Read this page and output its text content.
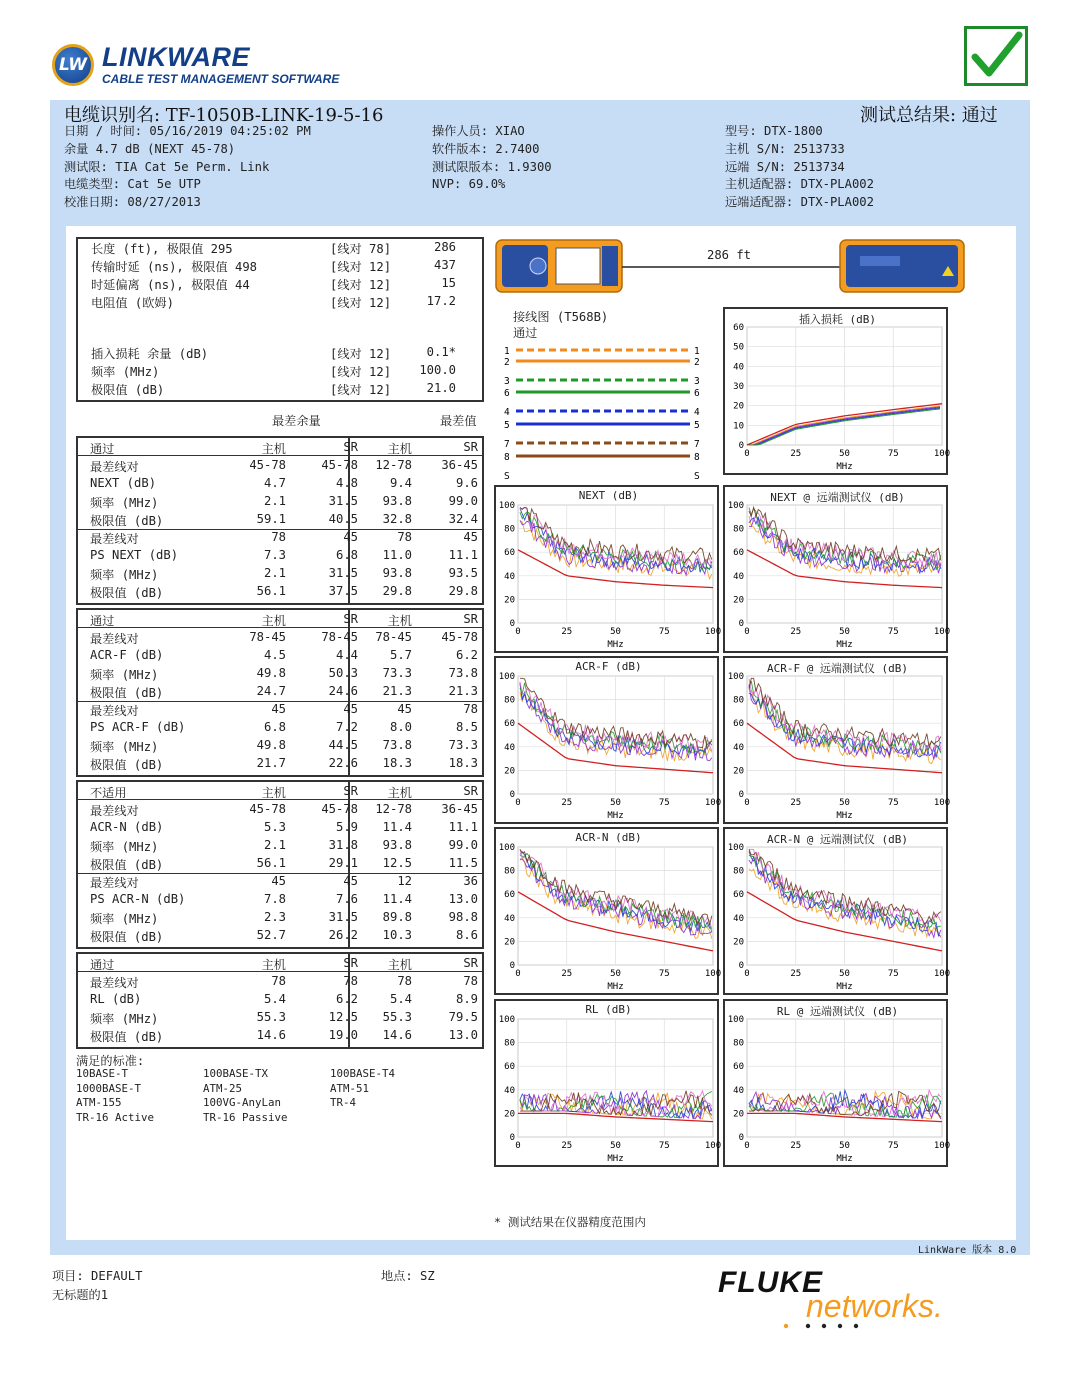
LW LINKWARE
CABLE TEST MANAGEMENT SOFTWARE
电缆识别名: TF-1050B-LINK-19-5-16	测试总结果: 通过
日期 / 时间: 05/16/2019 04:25:02 PM
余量 4.7 dB (NEXT 45-78)
测试限: TIA Cat 5e Perm. Link
电缆类型: Cat 5e UTP
校准日期: 08/27/2013
操作人员: XIAO
软件版本: 2.7400
测试限版本: 1.9300
NVP: 69.0%
型号: DTX-1800
主机 S/N: 2513733
远端 S/N: 2513734
主机适配器: DTX-PLA002
远端适配器: DTX-PLA002
长度 (ft), 极限值 295	[线对 78]	286
传输时延 (ns), 极限值 498	[线对 12]	437
时延偏离 (ns), 极限值 44	[线对 12]	15
电阻值 (欧姆)	[线对 12]	17.2
插入损耗 余量 (dB)	[线对 12]	0.1*
频率 (MHz)	[线对 12]	100.0
极限值 (dB)	[线对 12]	21.0
最差余量	最差值
通过	主机	SR	主机	SR
最差线对	45-78	45-78	12-78	36-45
NEXT (dB)	4.7	4.8	9.4	9.6
频率 (MHz)	2.1	31.5	93.8	99.0
极限值 (dB)	59.1	40.5	32.8	32.4
最差线对	78	45	78	45
PS NEXT (dB)	7.3	6.8	11.0	11.1
频率 (MHz)	2.1	31.5	93.8	93.5
极限值 (dB)	56.1	37.5	29.8	29.8
通过	主机	SR	主机	SR
最差线对	78-45	78-45	78-45	45-78
ACR-F (dB)	4.5	4.4	5.7	6.2
频率 (MHz)	49.8	50.3	73.3	73.8
极限值 (dB)	24.7	24.6	21.3	21.3
最差线对	45	45	45	78
PS ACR-F (dB)	6.8	7.2	8.0	8.5
频率 (MHz)	49.8	44.5	73.8	73.3
极限值 (dB)	21.7	22.6	18.3	18.3
不适用	主机	SR	主机	SR
最差线对	45-78	45-78	12-78	36-45
ACR-N (dB)	5.3	5.9	11.4	11.1
频率 (MHz)	2.1	31.8	93.8	99.0
极限值 (dB)	56.1	29.1	12.5	11.5
最差线对	45	45	12	36
PS ACR-N (dB)	7.8	7.6	11.4	13.0
频率 (MHz)	2.3	31.5	89.8	98.8
极限值 (dB)	52.7	26.2	10.3	8.6
通过	主机	SR	主机	SR
最差线对	78	78	78	78
RL (dB)	5.4	6.2	5.4	8.9
频率 (MHz)	55.3	12.5	55.3	79.5
极限值 (dB)	14.6	19.0	14.6	13.0
满足的标准:
10BASE-T	100BASE-TX	100BASE-T4
1000BASE-T	ATM-25	ATM-51
ATM-155	100VG-AnyLan	TR-4
TR-16 Active	TR-16 Passive
286 ft
接线图 (T568B)
通过
1	1
2	2
3	3
6	6
4	4
5	5
7	7
8	8
S	S
* 测试结果在仪器精度范围内
LinkWare 版本 8.0
项目: DEFAULT
无标题的1
地点: SZ	FLUKE
networks.
插入损耗 (dB)
0	25	50	75	100
0
10
20
30
40
50
60
MHz
NEXT (dB)
0	25	50	75	100
0
20
40
60
80
100
MHz
NEXT @ 远端测试仪 (dB)
0	25	50	75	100
0
20
40
60
80
100
MHz
ACR-F (dB)
0	25	50	75	100
0
20
40
60
80
100
MHz
ACR-F @ 远端测试仪 (dB)
0	25	50	75	100
0
20
40
60
80
100
MHz
ACR-N (dB)
0	25	50	75	100
0
20
40
60
80
100
MHz
ACR-N @ 远端测试仪 (dB)
0	25	50	75	100
0
20
40
60
80
100
MHz
RL (dB)
0	25	50	75	100
0
20
40
60
80
100
MHz
RL @ 远端测试仪 (dB)
0	25	50	75	100
0
20
40
60
80
100
MHz
